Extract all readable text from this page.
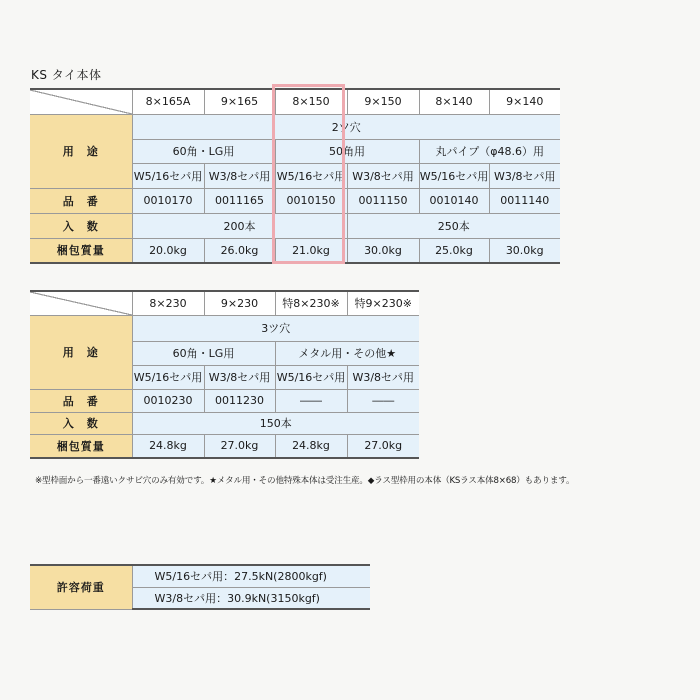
KS タイ本体
	8×165A	9×165	8×150	9×150	8×140	9×140
用　途	2ツ穴					
	60角・LG用		50角用		丸パイプ（φ48.6）用	
	W5/16セパ用	W3/8セパ用	W5/16セパ用	W3/8セパ用	W5/16セパ用	W3/8セパ用
品　番	0010170	0011165	0010150	0011150	0010140	0011140
入　数	200本			250本		
梱包質量	20.0kg	26.0kg	21.0kg	30.0kg	25.0kg	30.0kg
	8×230	9×230	特8×230※	特9×230※
用　途	3ツ穴			
	60角・LG用		メタル用・その他★	
	W5/16セパ用	W3/8セパ用	W5/16セパ用	W3/8セパ用
品　番	0010230	0011230	――	――
入　数	150本			
梱包質量	24.8kg	27.0kg	24.8kg	27.0kg
※型枠面から一番遠いクサビ穴のみ有効です。★メタル用・その他特殊本体は受注生産。◆ラス型枠用の本体（KSラス本体8×68）もあります。
許容荷重	W5/16セパ用：27.5kN(2800kgf)
W3/8セパ用：30.9kN(3150kgf)
